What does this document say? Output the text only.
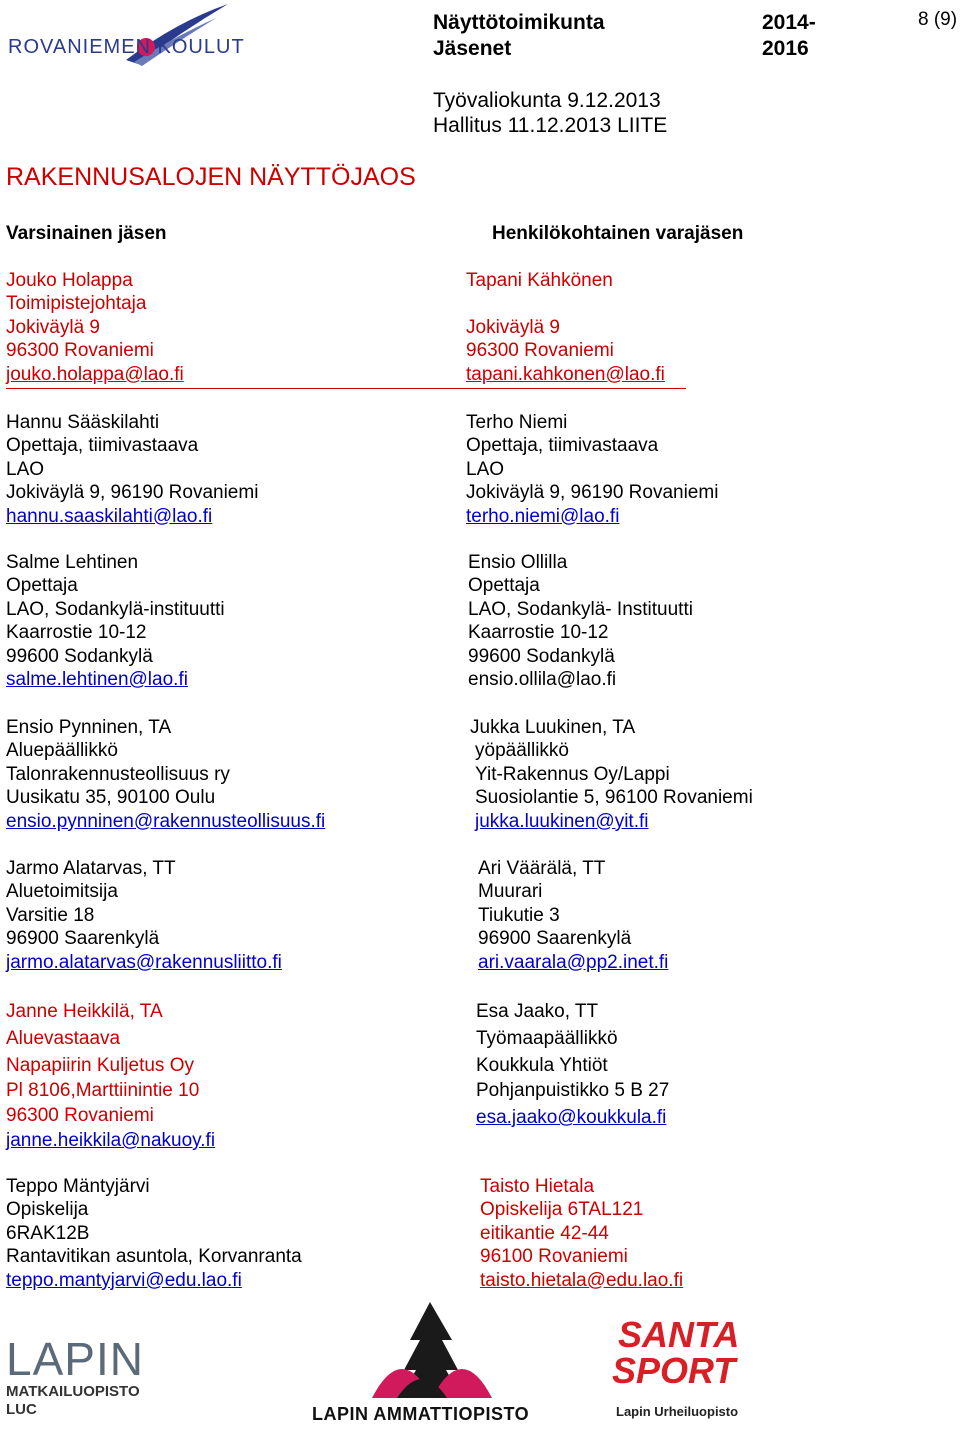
ROVANIEMEN KOULUT
Näyttötoimikunta
Jäsenet
2014-
2016
8 (9)
Työvaliokunta 9.12.2013
Hallitus 11.12.2013 LIITE
RAKENNUSALOJEN NÄYTTÖJAOS
Varsinainen jäsen	Henkilökohtainen varajäsen
Jouko Holappa
Toimipistejohtaja
Jokiväylä 9
96300 Rovaniemi
jouko.holappa@lao.fi
Tapani Kähkönen

Jokiväylä 9
96300 Rovaniemi
tapani.kahkonen@lao.fi
Hannu Sääskilahti
Opettaja, tiimivastaava
LAO
Jokiväylä 9, 96190 Rovaniemi
hannu.saaskilahti@lao.fi
Terho Niemi
Opettaja, tiimivastaava
LAO
Jokiväylä 9, 96190 Rovaniemi
terho.niemi@lao.fi
Salme Lehtinen
Opettaja
LAO, Sodankylä-instituutti
Kaarrostie 10-12
99600 Sodankylä
salme.lehtinen@lao.fi
Ensio Ollilla
Opettaja
LAO, Sodankylä- Instituutti
Kaarrostie 10-12
99600 Sodankylä
ensio.ollila@lao.fi
Ensio Pynninen, TA
Aluepäällikkö
Talonrakennusteollisuus ry
Uusikatu 35, 90100 Oulu
ensio.pynninen@rakennusteollisuus.fi
Jukka Luukinen, TA
yöpäällikkö
Yit-Rakennus Oy/Lappi
Suosiolantie 5, 96100 Rovaniemi
jukka.luukinen@yit.fi
Jarmo Alatarvas, TT
Aluetoimitsija
Varsitie 18
96900 Saarenkylä
jarmo.alatarvas@rakennusliitto.fi
Ari Väärälä, TT
Muurari
Tiukutie 3
96900 Saarenkylä
ari.vaarala@pp2.inet.fi
Janne Heikkilä, TA
Aluevastaava
Napapiirin Kuljetus Oy
Pl 8106,Marttiinintie 10
96300 Rovaniemi
janne.heikkila@nakuoy.fi
Esa Jaako, TT
Työmaapäällikkö
Koukkula Yhtiöt
Pohjanpuistikko 5 B 27
esa.jaako@koukkula.fi
Teppo Mäntyjärvi
Opiskelija
6RAK12B
Rantavitikan asuntola, Korvanranta
teppo.mantyjarvi@edu.lao.fi
Taisto Hietala
Opiskelija 6TAL121
eitikantie 42-44
96100 Rovaniemi
taisto.hietala@edu.lao.fi
LAPIN
MATKAILUOPISTO
LUC	LAPIN AMMATTIOPISTO
SANTA
SPORT
Lapin Urheiluopisto
